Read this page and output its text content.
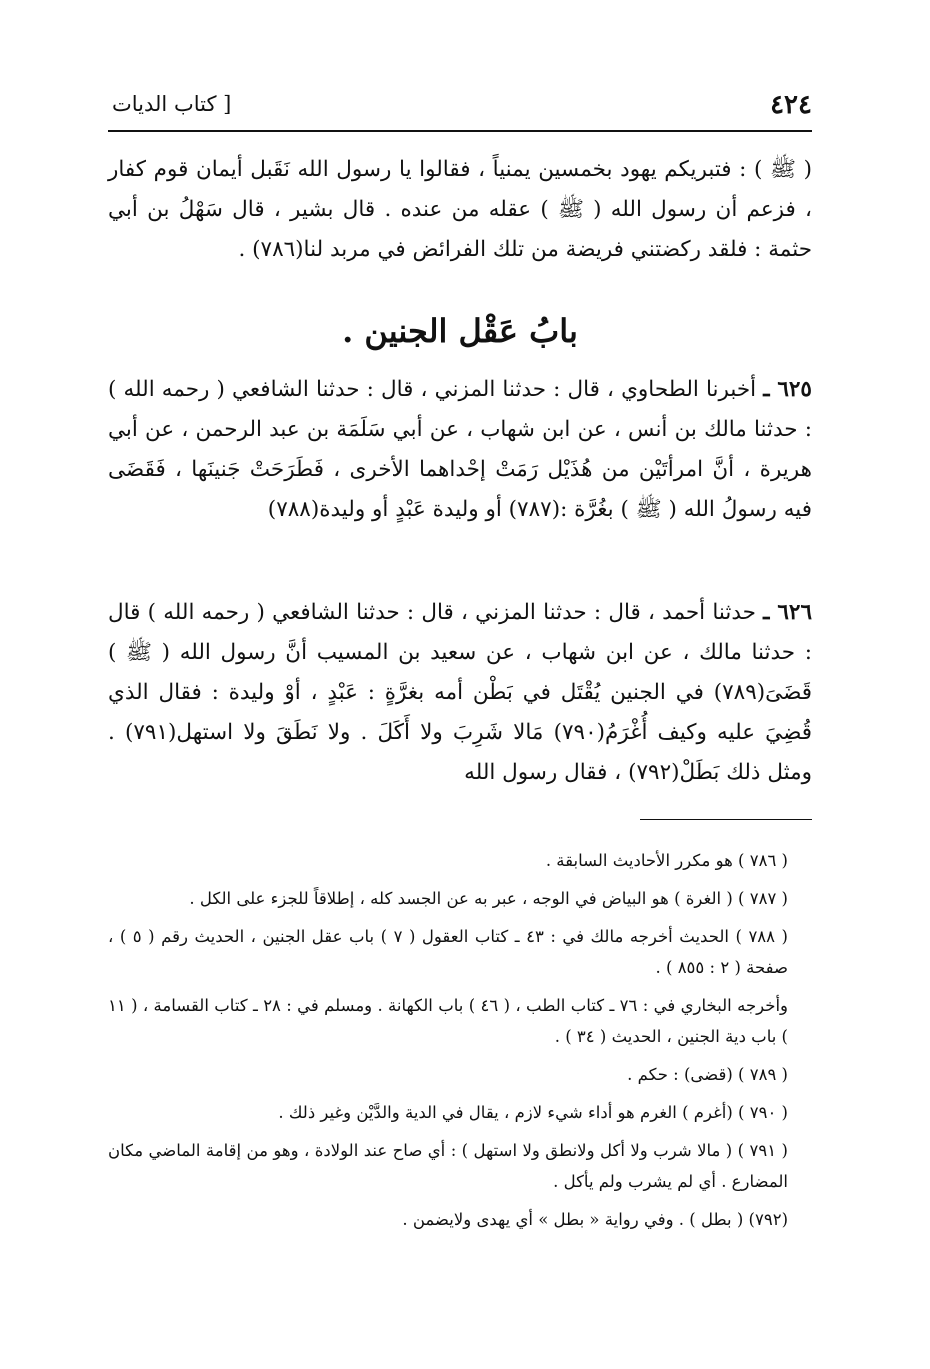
٤٢٤
[ كتاب الديات

( ﷺ ) : فتبريكم يهود بخمسين يمنياً ، فقالوا يا رسول الله نَقَبل أيمان قوم كفار ، فزعم أن رسول الله ( ﷺ ) عقله من عنده . قال بشير ، قال سَهْلُ بن أبي حثمة : فلقد ركضتني فريضة من تلك الفرائض في مربد لنا(٧٨٦) .

بابُ عَقْل الجنين .

٦٢٥ ـ أخبرنا الطحاوي ، قال : حدثنا المزني ، قال : حدثنا الشافعي ( رحمه الله ) : حدثنا مالك بن أنس ، عن ابن شهاب ، عن أبي سَلَمَة بن عبد الرحمن ، عن أبي هريرة ، أنَّ امرأتَيْن من هُذَيْل رَمَتْ إحْداهما الأخرى ، فَطَرَحَتْ جَنينَها ، فَقَضَى فيه رسولُ الله ( ﷺ ) بغُرَّة :(٧٨٧) أو وليدة عَبْدٍ أو وليدة(٧٨٨)

٦٢٦ ـ حدثنا أحمد ، قال : حدثنا المزني ، قال : حدثنا الشافعي ( رحمه الله ) قال : حدثنا مالك ، عن ابن شهاب ، عن سعيد بن المسيب أنَّ رسول الله ( ﷺ ) قَضَىَ(٧٨٩) في الجنين يُقْتَل في بَطْن أمه بغرَّةٍ : عَبْدٍ ، أوْ وليدة : فقال الذي قُضِيَ عليه وكيف أُغْرَمُ(٧٩٠) مَالا شَرِبَ ولا أَكَلَ . ولا نَطَقَ ولا استهل(٧٩١) . ومثل ذلك بَطَلْ(٧٩٢) ، فقال رسول الله

( ٧٨٦ ) هو مكرر الأحاديث السابقة .

( ٧٨٧ ) ( الغرة ) هو البياض في الوجه ، عبر به عن الجسد كله ، إطلاقاً للجزء على الكل .

( ٧٨٨ ) الحديث أخرجه مالك في : ٤٣ ـ كتاب العقول ( ٧ ) باب عقل الجنين ، الحديث رقم ( ٥ ) ، صفحة ( ٢ : ٨٥٥ ) .

وأخرجه البخاري في : ٧٦ ـ كتاب الطب ، ( ٤٦ ) باب الكهانة . ومسلم في : ٢٨ ـ كتاب القسامة ، ( ١١ ) باب دية الجنين ، الحديث ( ٣٤ ) .

( ٧٨٩ ) (قضى) : حكم .

( ٧٩٠ ) (أغرم ) الغرم هو أداء شيء لازم ، يقال في الدية والدَّيْن وغير ذلك .

( ٧٩١ ) ( مالا شرب ولا أكل ولانطق ولا استهل ) : أي صاح عند الولادة ، وهو من إقامة الماضي مكان المضارع . أي لم يشرب ولم يأكل .

(٧٩٢) ( بطل ) . وفي رواية « بطل » أي يهدى ولايضمن .
